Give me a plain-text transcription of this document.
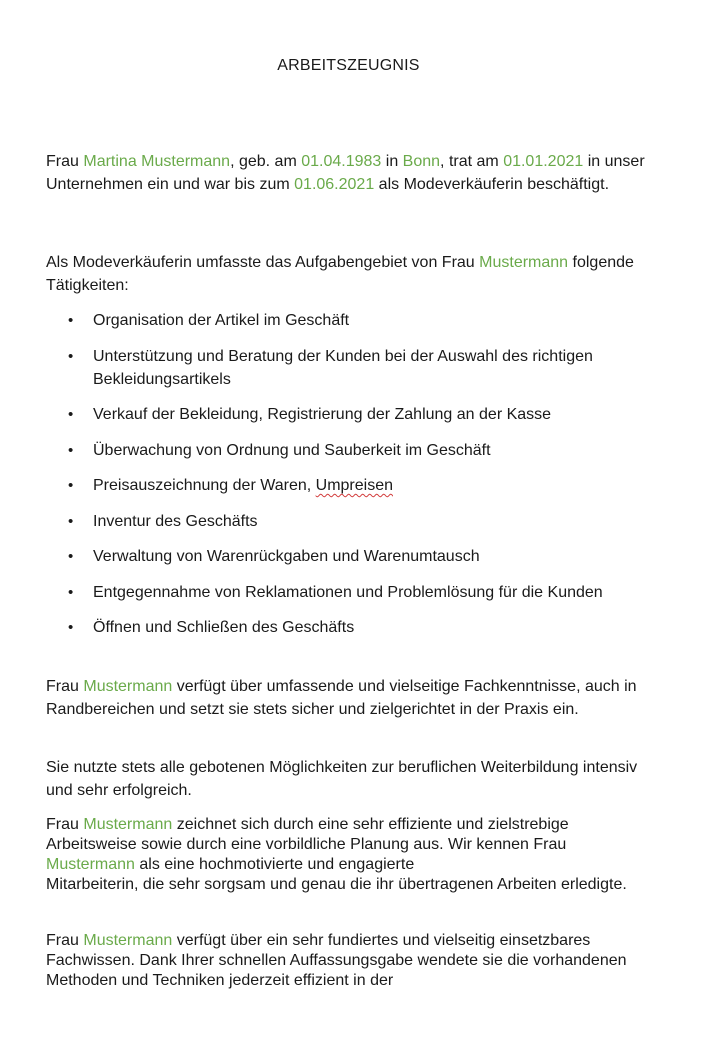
ARBEITSZEUGNIS

Frau Martina Mustermann, geb. am 01.04.1983 in Bonn, trat am 01.01.2021 in unser Unternehmen ein und war bis zum 01.06.2021 als Modeverkäuferin beschäftigt.

Als Modeverkäuferin umfasste das Aufgabengebiet von Frau Mustermann folgende Tätigkeiten:

• Organisation der Artikel im Geschäft
• Unterstützung und Beratung der Kunden bei der Auswahl des richtigen Bekleidungsartikels
• Verkauf der Bekleidung, Registrierung der Zahlung an der Kasse
• Überwachung von Ordnung und Sauberkeit im Geschäft
• Preisauszeichnung der Waren, Umpreisen
• Inventur des Geschäfts
• Verwaltung von Warenrückgaben und Warenumtausch
• Entgegennahme von Reklamationen und Problemlösung für die Kunden
• Öffnen und Schließen des Geschäfts

Frau Mustermann verfügt über umfassende und vielseitige Fachkenntnisse, auch in Randbereichen und setzt sie stets sicher und zielgerichtet in der Praxis ein.

Sie nutzte stets alle gebotenen Möglichkeiten zur beruflichen Weiterbildung intensiv und sehr erfolgreich.

Frau Mustermann zeichnet sich durch eine sehr effiziente und zielstrebige Arbeitsweise sowie durch eine vorbildliche Planung aus. Wir kennen Frau Mustermann als eine hochmotivierte und engagierte
Mitarbeiterin, die sehr sorgsam und genau die ihr übertragenen Arbeiten erledigte.

Frau Mustermann verfügt über ein sehr fundiertes und vielseitig einsetzbares Fachwissen. Dank Ihrer schnellen Auffassungsgabe wendete sie die vorhandenen Methoden und Techniken jederzeit effizient in der
